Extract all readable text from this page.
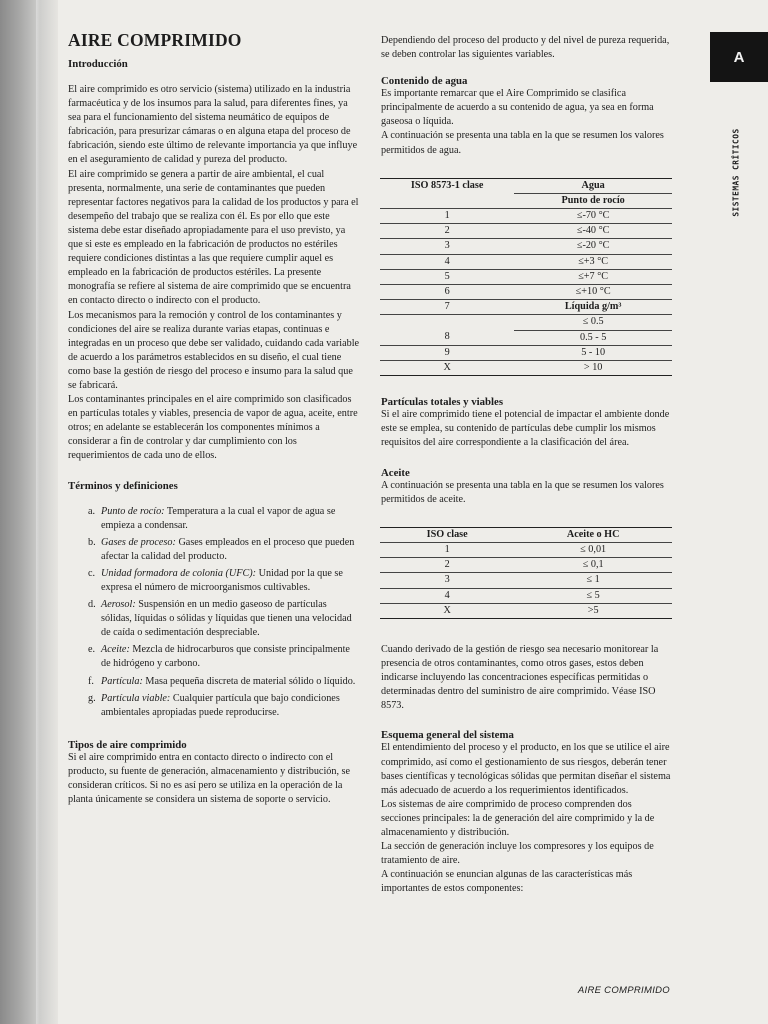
A
SISTEMAS CRÍTICOS
AIRE COMPRIMIDO
Introducción

El aire comprimido es otro servicio (sistema) utilizado en la industria farmacéutica y de los insumos para la salud, para diferentes fines, ya sea para el funcionamiento del sistema neumático de equipos de fabricación, para presurizar cámaras o en alguna etapa del proceso de fabricación, siendo este último de relevante importancia ya que influye en el aseguramiento de calidad y pureza del producto.

El aire comprimido se genera a partir de aire ambiental, el cual presenta, normalmente, una serie de contaminantes que pueden representar factores negativos para la calidad de los productos y para el desempeño del trabajo que se realiza con él. Es por ello que este sistema debe estar diseñado apropiadamente para el uso previsto, ya que si este es empleado en la fabricación de productos no estériles requiere condiciones distintas a las que requiere cumplir aquel es empleado en la fabricación de productos estériles. La presente monografía se refiere al sistema de aire comprimido que se encuentra en contacto directo o indirecto con el producto.

Los mecanismos para la remoción y control de los contaminantes y condiciones del aire se realiza durante varias etapas, continuas e integradas en un proceso que debe ser validado, cuidando cada variable de acuerdo a los parámetros establecidos en su diseño, el cual tiene como base la gestión de riesgo del proceso e insumo para la salud que se fabricará.

Los contaminantes principales en el aire comprimido son clasificados en partículas totales y viables, presencia de vapor de agua, aceite, entre otros; en adelante se establecerán los componentes mínimos a considerar a fin de controlar y dar cumplimiento con los requerimientos de cada uno de ellos.

Términos y definiciones
a. Punto de rocío: Temperatura a la cual el vapor de agua se empieza a condensar.
b. Gases de proceso: Gases empleados en el proceso que pueden afectar la calidad del producto.
c. Unidad formadora de colonia (UFC): Unidad por la que se expresa el número de microorganismos cultivables.
d. Aerosol: Suspensión en un medio gaseoso de partículas sólidas, líquidas o sólidas y líquidas que tienen una velocidad de caída o sedimentación despreciable.
e. Aceite: Mezcla de hidrocarburos que consiste principalmente de hidrógeno y carbono.
f. Partícula: Masa pequeña discreta de material sólido o líquido.
g. Partícula viable: Cualquier partícula que bajo condiciones ambientales apropiadas puede reproducirse.
Tipos de aire comprimido

Si el aire comprimido entra en contacto directo o indirecto con el producto, su fuente de generación, almacenamiento y distribución, se consideran críticos. Si no es así pero se utiliza en la operación de la planta únicamente se considera un sistema de soporte o servicio.

Dependiendo del proceso del producto y del nivel de pureza requerida, se deben controlar las siguientes variables.

Contenido de agua

Es importante remarcar que el Aire Comprimido se clasifica principalmente de acuerdo a su contenido de agua, ya sea en forma gaseosa o líquida.

A continuación se presenta una tabla en la que se resumen los valores permitidos de agua.

ISO 8573-1 clase	Agua
	Punto de rocío
1	≤-70 °C
2	≤-40 °C
3	≤-20 °C
4	≤+3 °C
5	≤+7 °C
6	≤+10 °C
7	Líquida g/m³
	≤ 0.5
8	0.5 - 5
9	5 - 10
X	> 10
Partículas totales y viables

Si el aire comprimido tiene el potencial de impactar el ambiente donde este se emplea, su contenido de partículas debe cumplir los mismos requisitos del aire correspondiente a la clasificación del área.

Aceite

A continuación se presenta una tabla en la que se resumen los valores permitidos de aceite.

ISO clase	Aceite o HC
1	≤ 0,01
2	≤ 0,1
3	≤ 1
4	≤ 5
X	>5

Cuando derivado de la gestión de riesgo sea necesario monitorear la presencia de otros contaminantes, como otros gases, estos deben indicarse incluyendo las concentraciones específicas permitidas o determinadas dentro del suministro de aire comprimido. Véase ISO 8573.

Esquema general del sistema

El entendimiento del proceso y el producto, en los que se utilice el aire comprimido, así como el gestionamiento de sus riesgos, deberán tener bases científicas y tecnológicas sólidas que permitan diseñar el sistema más adecuado de acuerdo a los requerimientos identificados.

Los sistemas de aire comprimido de proceso comprenden dos secciones principales: la de generación del aire comprimido y la de almacenamiento y distribución.

La sección de generación incluye los compresores y los equipos de tratamiento de aire.

A continuación se enuncian algunas de las características más importantes de estos componentes:

AIRE COMPRIMIDO
